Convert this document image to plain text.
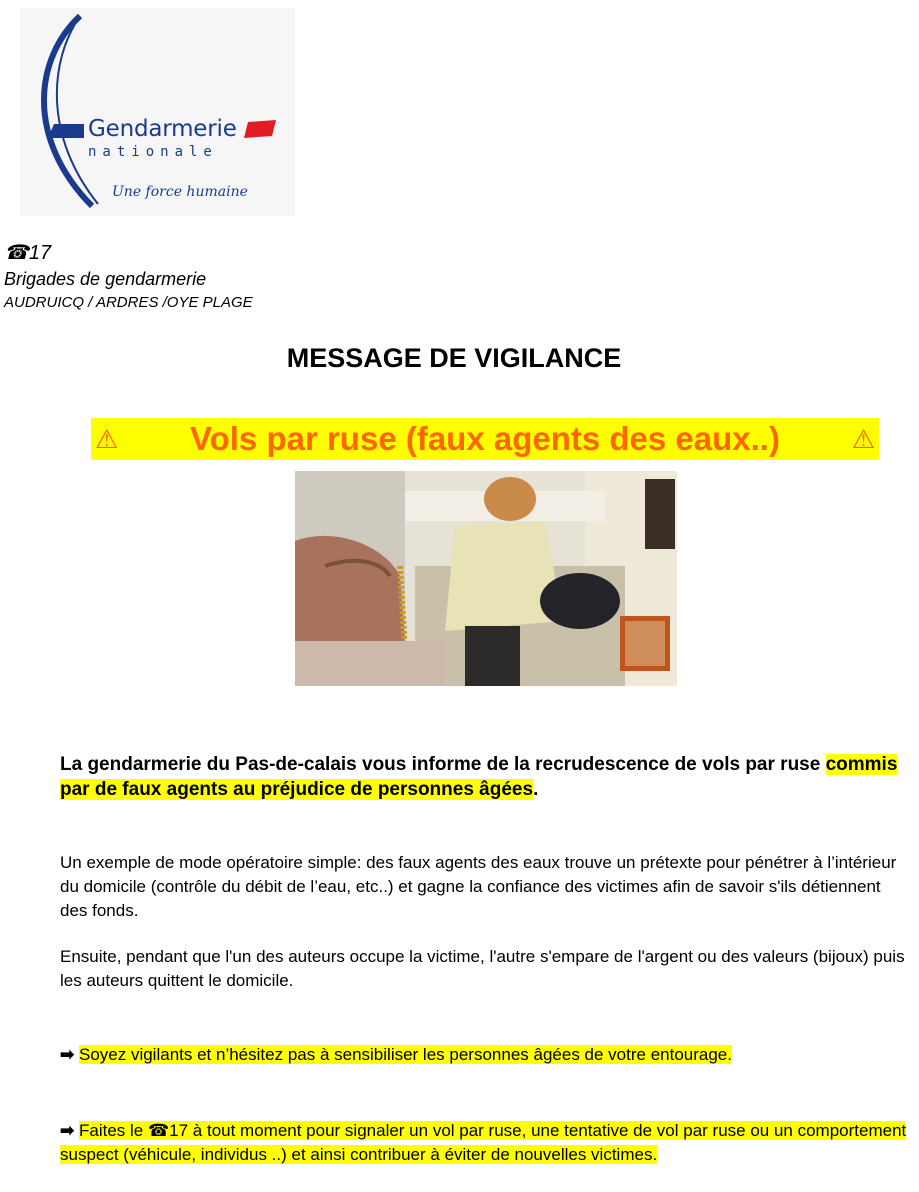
Gendarmerie
nationale
Une force humaine
☎17
Brigades de gendarmerie
AUDRUICQ / ARDRES /OYE PLAGE
MESSAGE DE VIGILANCE
⚠ Vols par ruse (faux agents des eaux..)	⚠
La gendarmerie du Pas-de-calais vous informe de la recrudescence de vols par ruse commis par de faux agents au préjudice de personnes âgées.
Un exemple de mode opératoire simple: des faux agents des eaux trouve un prétexte pour pénétrer à l’intérieur du domicile (contrôle du débit de l’eau, etc..) et gagne la confiance des victimes afin de savoir s'ils détiennent des fonds.
Ensuite, pendant que l'un des auteurs occupe la victime, l'autre s'empare de l'argent ou des valeurs (bijoux) puis les auteurs quittent le domicile.
➡ Soyez vigilants et n’hésitez pas à sensibiliser les personnes âgées de votre entourage.
➡ Faites le ☎17 à tout moment pour signaler un vol par ruse, une tentative de vol par ruse ou un comportement suspect (véhicule, individus ..) et ainsi contribuer à éviter de nouvelles victimes.
